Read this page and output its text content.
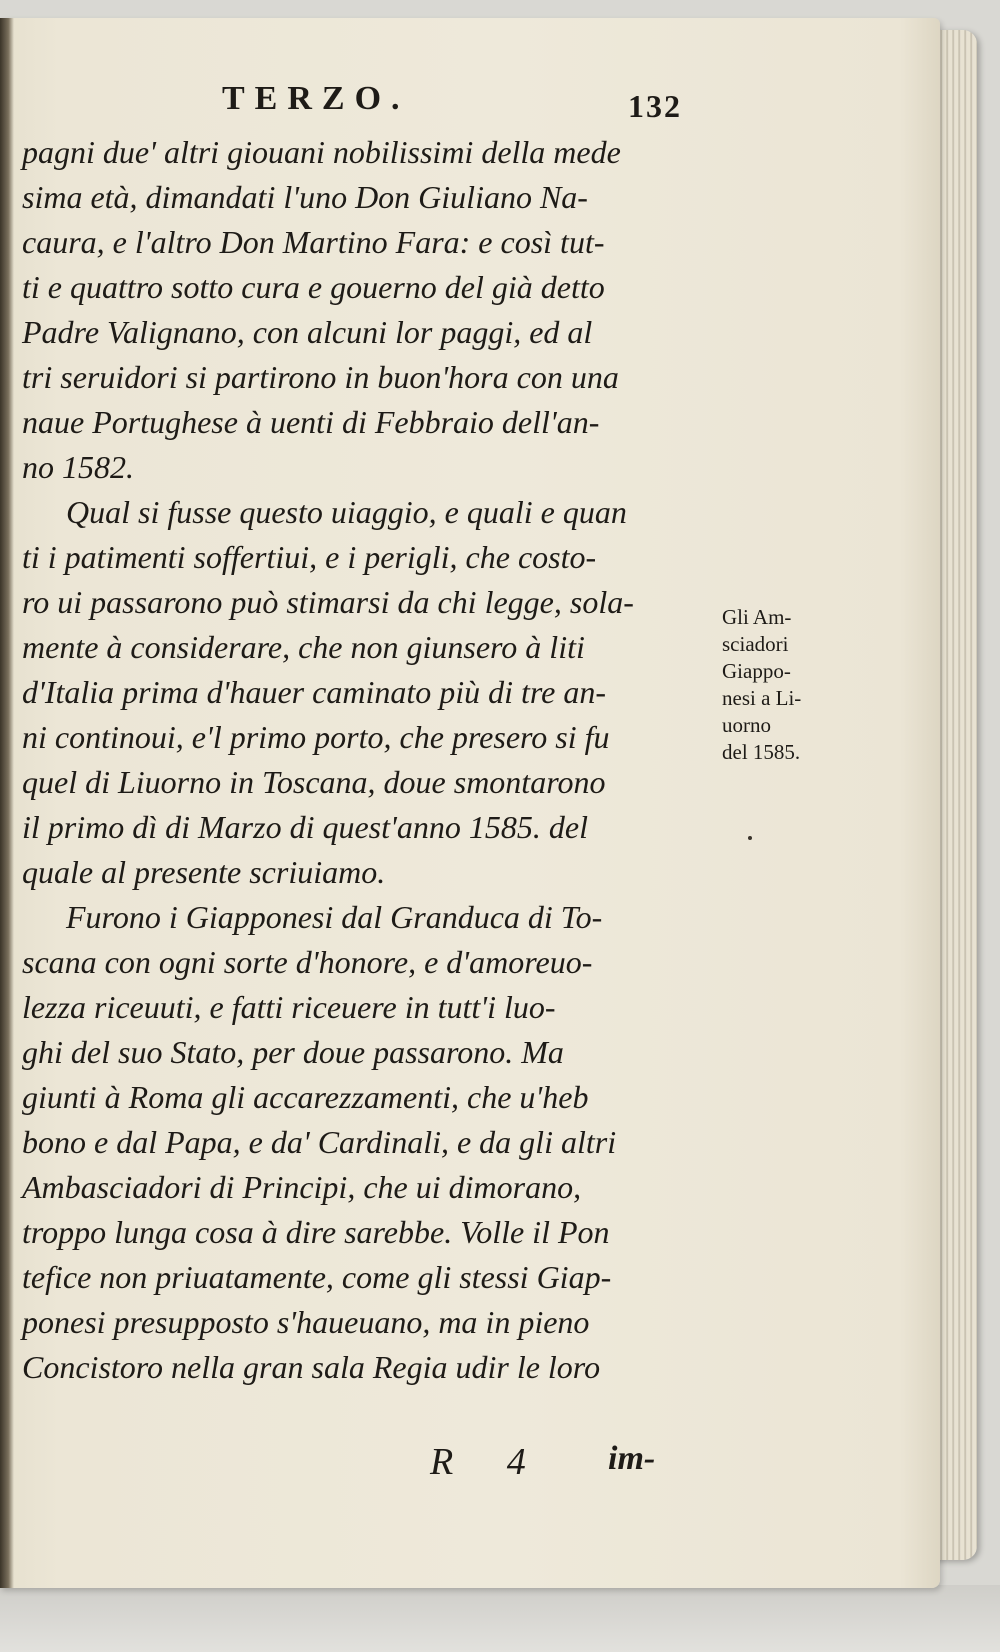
TERZO.	132
pagni due' altri giouani nobilissimi della mede
sima età, dimandati l'uno Don Giuliano Na-
caura, e l'altro Don Martino Fara: e così tut-
ti e quattro sotto cura e gouerno del già detto
Padre Valignano, con alcuni lor paggi, ed al
tri seruidori si partirono in buon'hora con una
naue Portughese à uenti di Febbraio dell'an-
no 1582.
Qual si fusse questo uiaggio, e quali e quan
ti i patimenti soffertiui, e i perigli, che costo-
ro ui passarono può stimarsi da chi legge, sola-
mente à considerare, che non giunsero à liti
d'Italia prima d'hauer caminato più di tre an-
ni continoui, e'l primo porto, che presero si fu
quel di Liuorno in Toscana, doue smontarono
il primo dì di Marzo di quest'anno 1585. del
quale al presente scriuiamo.
Furono i Giapponesi dal Granduca di To-
scana con ogni sorte d'honore, e d'amoreuo-
lezza riceuuti, e fatti riceuere in tutt'i luo-
ghi del suo Stato, per doue passarono. Ma
giunti à Roma gli accarezzamenti, che u'heb
bono e dal Papa, e da' Cardinali, e da gli altri
Ambasciadori di Principi, che ui dimorano,
troppo lunga cosa à dire sarebbe. Volle il Pon
tefice non priuatamente, come gli stessi Giap-
ponesi presupposto s'haueuano, ma in pieno
Concistoro nella gran sala Regia udir le loro
Gli Am-
sciadori
Giappo-
nesi a Li-
uorno
del 1585.
R 4 im-
